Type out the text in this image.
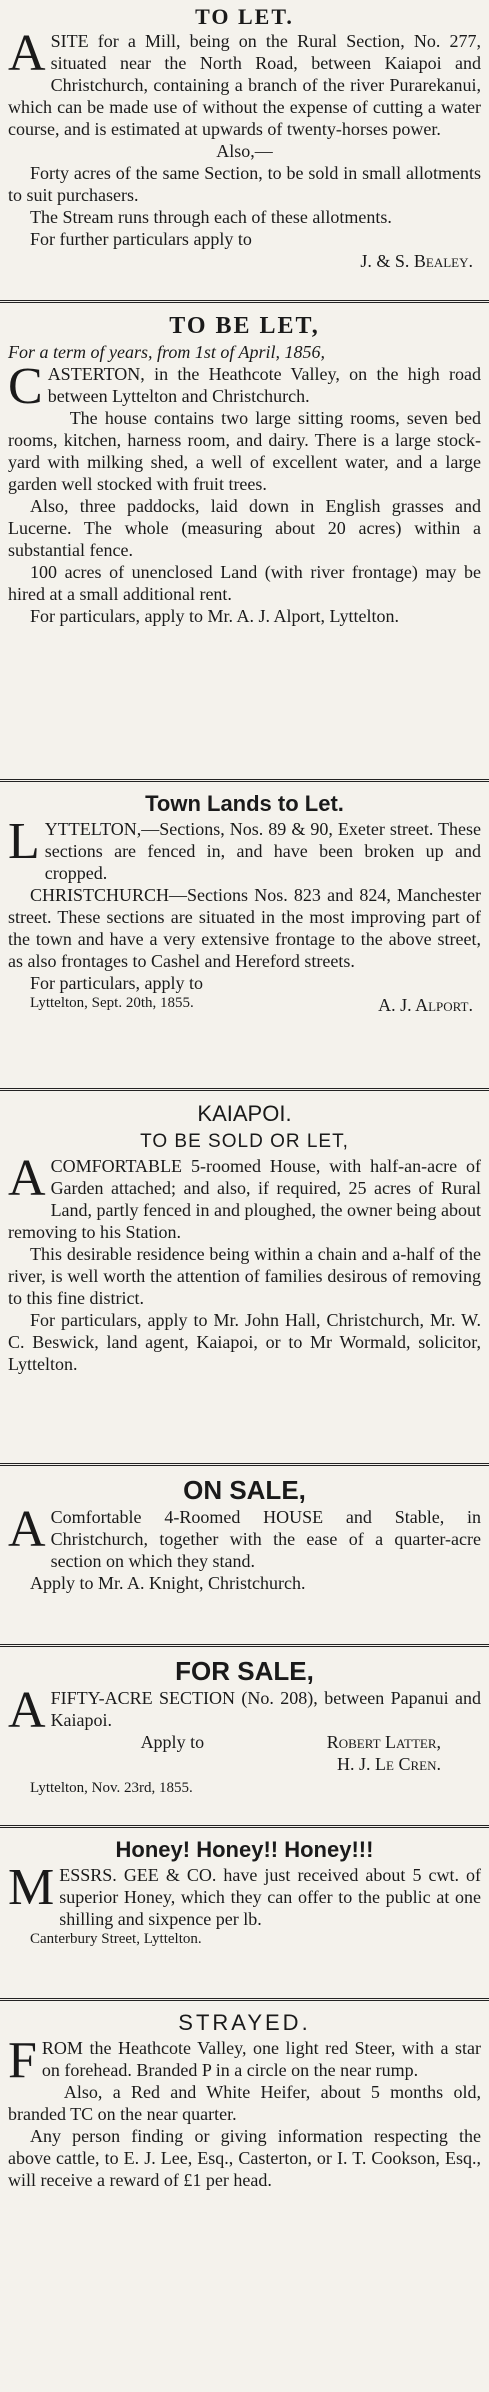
TO LET.

ASITE for a Mill, being on the Rural Section, No. 277, situated near the North Road, between Kaiapoi and Christchurch, containing a branch of the river Purarekanui, which can be made use of without the expense of cutting a water course, and is estimated at upwards of twenty-horses power.

Also,—

Forty acres of the same Section, to be sold in small allotments to suit purchasers.

The Stream runs through each of these allotments.

For further particulars apply to

J. & S. Bealey.

TO BE LET,

For a term of years, from 1st of April, 1856,

CASTERTON, in the Heathcote Valley, on the high road between Lyttelton and Christchurch.

The house contains two large sitting rooms, seven bed rooms, kitchen, harness room, and dairy. There is a large stock-yard with milking shed, a well of excellent water, and a large garden well stocked with fruit trees.

Also, three paddocks, laid down in English grasses and Lucerne. The whole (measuring about 20 acres) within a substantial fence.

100 acres of unenclosed Land (with river frontage) may be hired at a small additional rent.

For particulars, apply to Mr. A. J. Alport, Lyttelton.

Town Lands to Let.

LYTTELTON,—Sections, Nos. 89 & 90, Exeter street. These sections are fenced in, and have been broken up and cropped.

CHRISTCHURCH—Sections Nos. 823 and 824, Manchester street. These sections are situated in the most improving part of the town and have a very extensive frontage to the above street, as also frontages to Cashel and Hereford streets.

For particulars, apply to

Lyttelton, Sept. 20th, 1855.	A. J. Alport.
KAIAPOI.
TO BE SOLD OR LET,

ACOMFORTABLE 5-roomed House, with half-an-acre of Garden attached; and also, if required, 25 acres of Rural Land, partly fenced in and ploughed, the owner being about removing to his Station.

This desirable residence being within a chain and a-half of the river, is well worth the attention of families desirous of removing to this fine district.

For particulars, apply to Mr. John Hall, Christchurch, Mr. W. C. Beswick, land agent, Kaiapoi, or to Mr Wormald, solicitor, Lyttelton.

ON SALE,

A Comfortable 4-Roomed HOUSE and Stable, in Christchurch, together with the ease of a quarter-acre section on which they stand.

Apply to Mr. A. Knight, Christchurch.

FOR SALE,

AFIFTY-ACRE SECTION (No. 208), between Papanui and Kaiapoi.

Apply to	Robert Latter,

H. J. Le Cren.

Lyttelton, Nov. 23rd, 1855.

Honey! Honey!! Honey!!!

MESSRS. GEE & CO. have just received about 5 cwt. of superior Honey, which they can offer to the public at one shilling and sixpence per lb.

Canterbury Street, Lyttelton.

STRAYED.

FROM the Heathcote Valley, one light red Steer, with a star on forehead. Branded P in a circle on the near rump.

Also, a Red and White Heifer, about 5 months old, branded TC on the near quarter.

Any person finding or giving information respecting the above cattle, to E. J. Lee, Esq., Casterton, or I. T. Cookson, Esq., will receive a reward of £1 per head.
